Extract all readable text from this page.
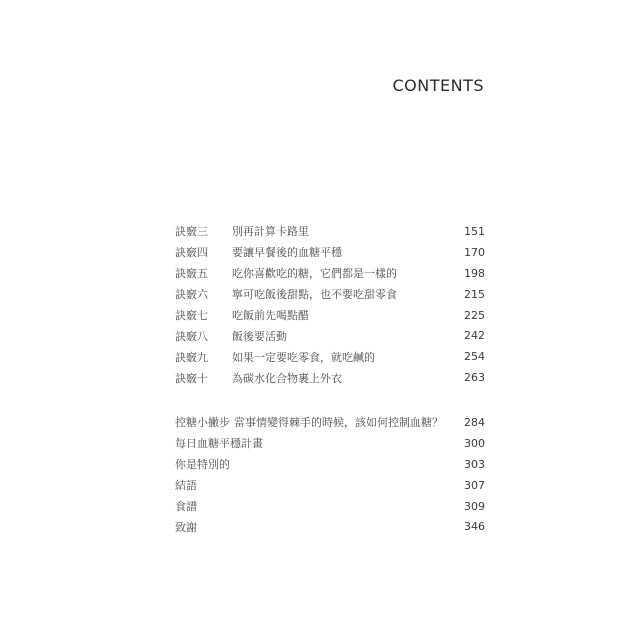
CONTENTS
訣竅三	別再計算卡路里	151
訣竅四	要讓早餐後的血糖平穩	170
訣竅五	吃你喜歡吃的糖，它們都是一樣的	198
訣竅六	寧可吃飯後甜點，也不要吃甜零食	215
訣竅七	吃飯前先喝點醋	225
訣竅八	飯後要活動	242
訣竅九	如果一定要吃零食，就吃鹹的	254
訣竅十	為碳水化合物裹上外衣	263
控糖小撇步 當事情變得棘手的時候，該如何控制血糖？ 284
每日血糖平穩計畫	300
你是特別的	303
結語	307
食譜	309
致謝	346
